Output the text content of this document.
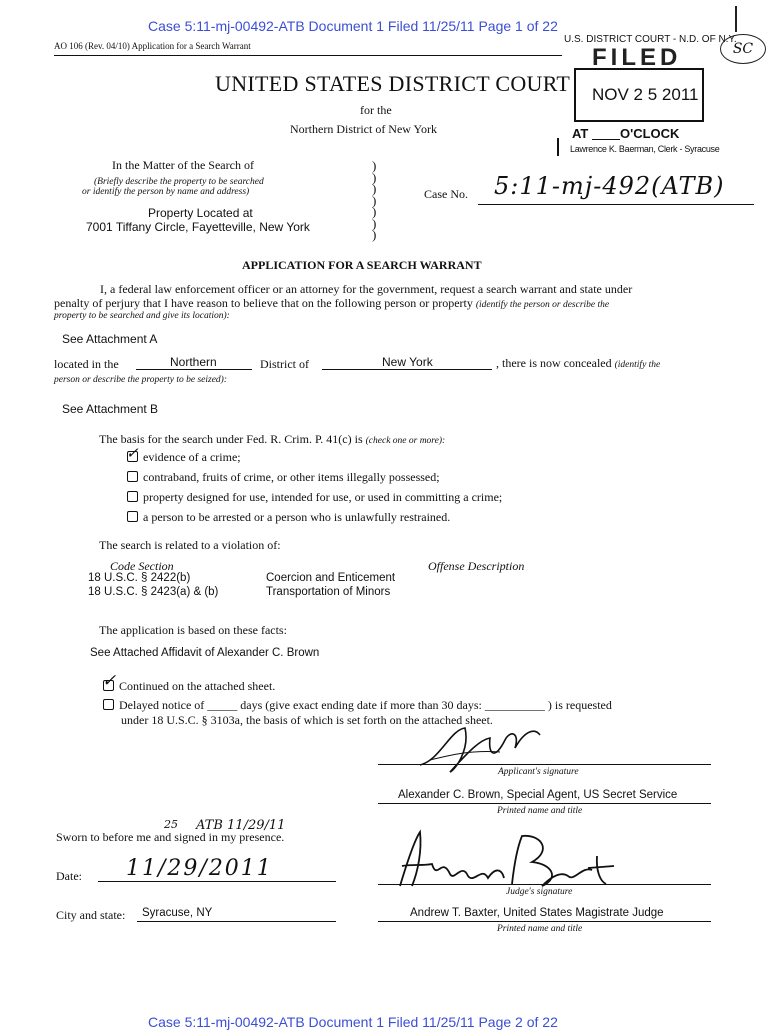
Case 5:11-mj-00492-ATB Document 1 Filed 11/25/11 Page 1 of 22
Case 5:11-mj-00492-ATB Document 1 Filed 11/25/11 Page 2 of 22
AO 106 (Rev. 04/10) Application for a Search Warrant
U.S. DISTRICT COURT - N.D. OF N.Y.
FILED
NOV 2 5 2011
AT O'CLOCK
Lawrence K. Baerman, Clerk - Syracuse
SC
UNITED STATES DISTRICT COURT
for the
Northern District of New York
In the Matter of the Search of
(Briefly describe the property to be searched
or identify the person by name and address)
Property Located at
7001 Tiffany Circle, Fayetteville, New York
)
)
)
)
)
)
)
Case No. 5:11-mj-492(ATB)
APPLICATION FOR A SEARCH WARRANT
I, a federal law enforcement officer or an attorney for the government, request a search warrant and state under
penalty of perjury that I have reason to believe that on the following person or property (identify the person or describe the
property to be searched and give its location):
See Attachment A
located in the	Northern	District of	New York	, there is now concealed (identify the
person or describe the property to be seized):
See Attachment B
The basis for the search under Fed. R. Crim. P. 41(c) is (check one or more):
✓ evidence of a crime;
contraband, fruits of crime, or other items illegally possessed;
property designed for use, intended for use, or used in committing a crime;
a person to be arrested or a person who is unlawfully restrained.
The search is related to a violation of:
Code Section	Offense Description
18 U.S.C. § 2422(b)	Coercion and Enticement
18 U.S.C. § 2423(a) & (b)	Transportation of Minors
The application is based on these facts:
See Attached Affidavit of Alexander C. Brown
✓ Continued on the attached sheet.
Delayed notice of _____ days (give exact ending date if more than 30 days: __________ ) is requested
under 18 U.S.C. § 3103a, the basis of which is set forth on the attached sheet.
Applicant's signature
Alexander C. Brown, Special Agent, US Secret Service
Printed name and title
Sworn to before me and signed in my presence.
25 ATB 11/29/11
Date: 11/29/2011
Judge's signature
City and state: Syracuse, NY	Andrew T. Baxter, United States Magistrate Judge
Printed name and title
